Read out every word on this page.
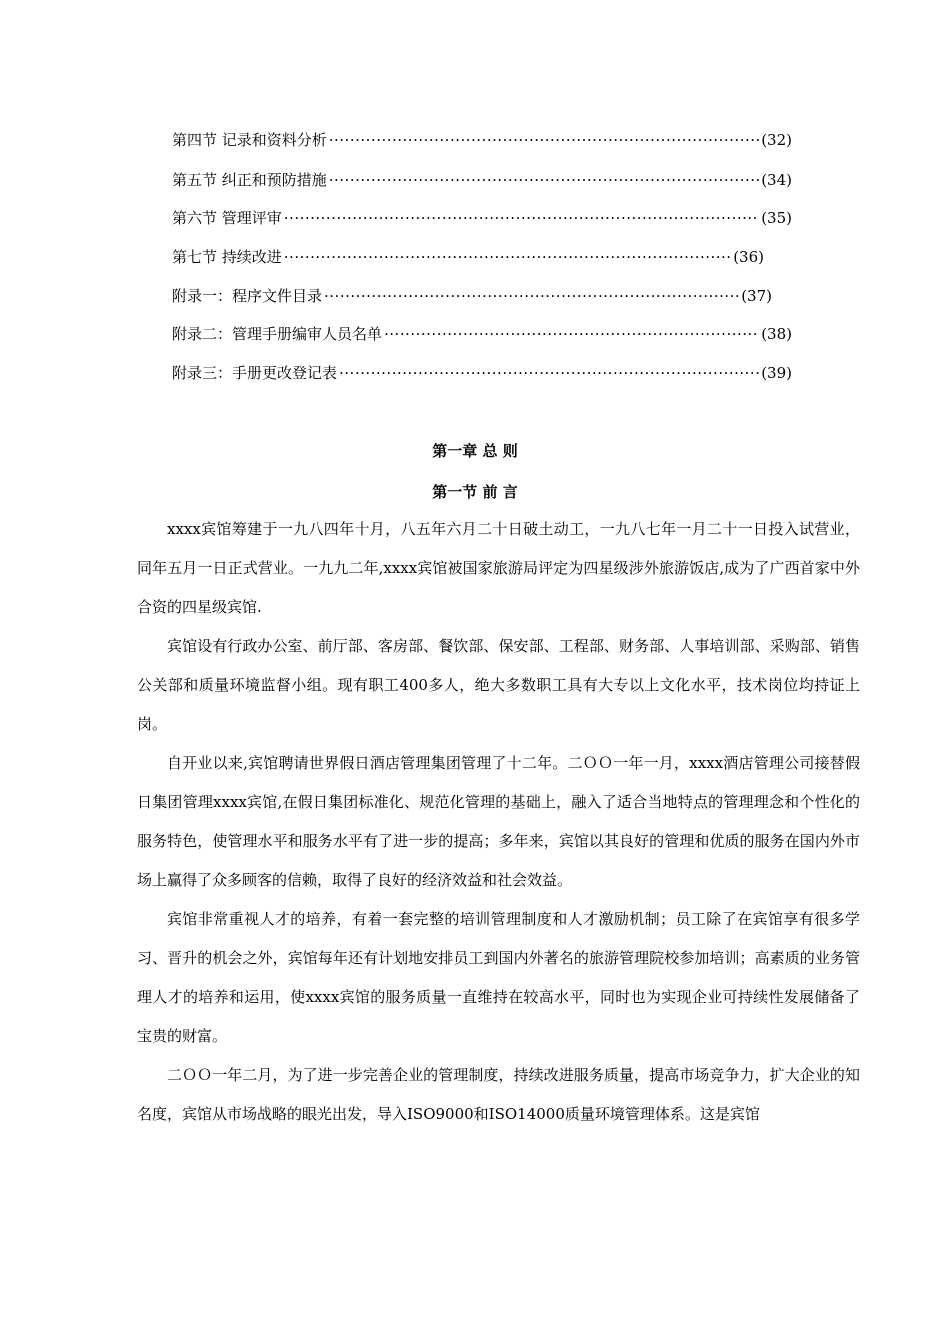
第四节 记录和资料分析 ·····	(32)
第五节 纠正和预防措施 ·····	(34)
第六节 管理评审 ·····	(35)
第七节 持续改进 ·····	(36)
附录一：程序文件目录 ·····	(37)
附录二：管理手册编审人员名单 ·····	(38)
附录三：手册更改登记表 ·····	(39)
第一章 总 则
第一节 前 言

xxxx宾馆筹建于一九八四年十月，八五年六月二十日破土动工，一九八七年一月二十一日投入试营业，同年五月一日正式营业。一九九二年,xxxx宾馆被国家旅游局评定为四星级涉外旅游饭店,成为了广西首家中外合资的四星级宾馆.

宾馆设有行政办公室、前厅部、客房部、餐饮部、保安部、工程部、财务部、人事培训部、采购部、销售公关部和质量环境监督小组。现有职工400多人，绝大多数职工具有大专以上文化水平，技术岗位均持证上岗。

自开业以来,宾馆聘请世界假日酒店管理集团管理了十二年。二ＯＯ一年一月，xxxx酒店管理公司接替假日集团管理xxxx宾馆,在假日集团标准化、规范化管理的基础上，融入了适合当地特点的管理理念和个性化的服务特色，使管理水平和服务水平有了进一步的提高；多年来，宾馆以其良好的管理和优质的服务在国内外市场上赢得了众多顾客的信赖，取得了良好的经济效益和社会效益。

宾馆非常重视人才的培养，有着一套完整的培训管理制度和人才激励机制；员工除了在宾馆享有很多学习、晋升的机会之外，宾馆每年还有计划地安排员工到国内外著名的旅游管理院校参加培训；高素质的业务管理人才的培养和运用，使xxxx宾馆的服务质量一直维持在较高水平，同时也为实现企业可持续性发展储备了宝贵的财富。

二ＯＯ一年二月，为了进一步完善企业的管理制度，持续改进服务质量，提高市场竞争力，扩大企业的知名度，宾馆从市场战略的眼光出发，导入ISO9000和ISO14000质量环境管理体系。这是宾馆
